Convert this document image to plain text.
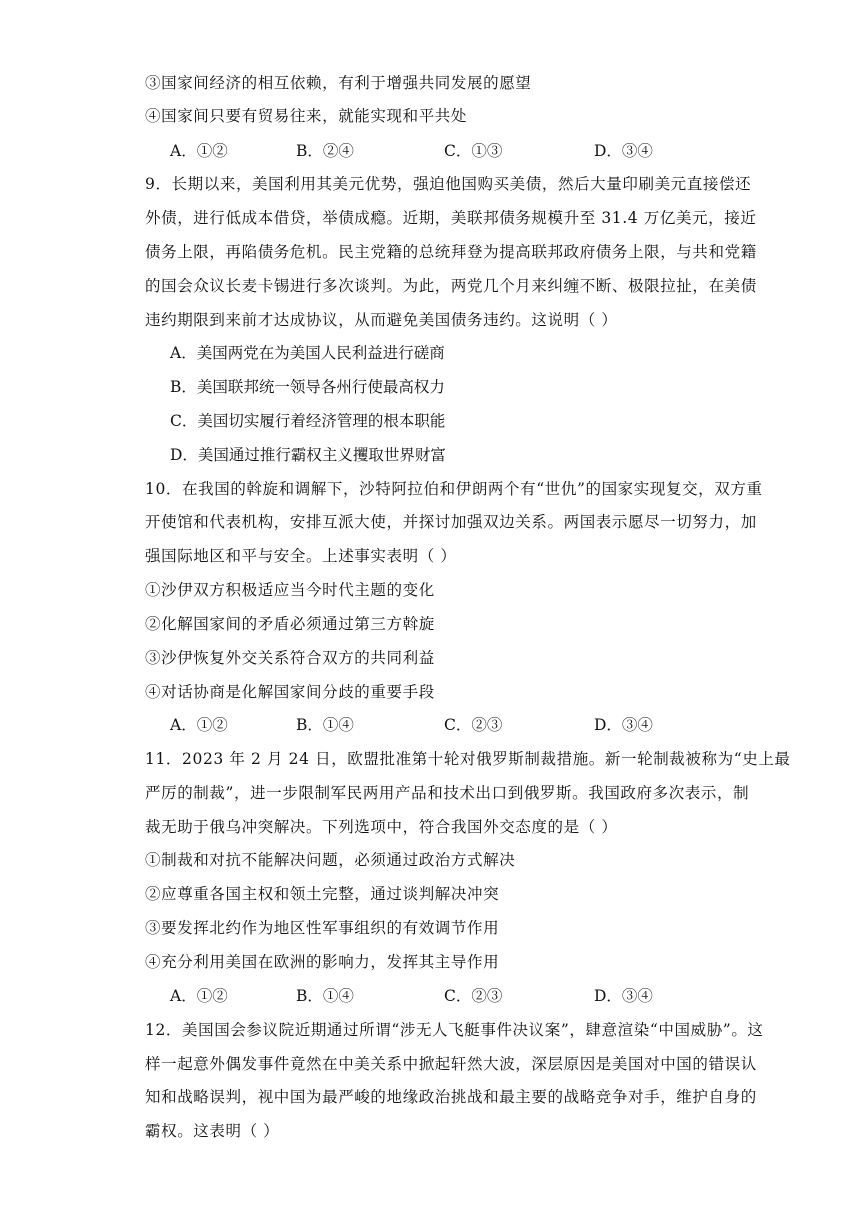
③国家间经济的相互依赖，有利于增强共同发展的愿望
④国家间只要有贸易往来，就能实现和平共处
A．①②	B．②④	C．①③	D．③④
9．长期以来，美国利用其美元优势，强迫他国购买美债，然后大量印刷美元直接偿还
外债，进行低成本借贷，举债成瘾。近期，美联邦债务规模升至 31.4 万亿美元，接近
债务上限，再陷债务危机。民主党籍的总统拜登为提高联邦政府债务上限，与共和党籍
的国会众议长麦卡锡进行多次谈判。为此，两党几个月来纠缠不断、极限拉扯，在美债
违约期限到来前才达成协议，从而避免美国债务违约。这说明（ ）
A．美国两党在为美国人民利益进行磋商
B．美国联邦统一领导各州行使最高权力
C．美国切实履行着经济管理的根本职能
D．美国通过推行霸权主义攫取世界财富
10．在我国的斡旋和调解下，沙特阿拉伯和伊朗两个有“世仇”的国家实现复交，双方重
开使馆和代表机构，安排互派大使，并探讨加强双边关系。两国表示愿尽一切努力，加
强国际地区和平与安全。上述事实表明（ ）
①沙伊双方积极适应当今时代主题的变化
②化解国家间的矛盾必须通过第三方斡旋
③沙伊恢复外交关系符合双方的共同利益
④对话协商是化解国家间分歧的重要手段
A．①②	B．①④	C．②③	D．③④
11．2023 年 2 月 24 日，欧盟批准第十轮对俄罗斯制裁措施。新一轮制裁被称为“史上最
严厉的制裁”，进一步限制军民两用产品和技术出口到俄罗斯。我国政府多次表示，制
裁无助于俄乌冲突解决。下列选项中，符合我国外交态度的是（ ）
①制裁和对抗不能解决问题，必须通过政治方式解决
②应尊重各国主权和领土完整，通过谈判解决冲突
③要发挥北约作为地区性军事组织的有效调节作用
④充分利用美国在欧洲的影响力，发挥其主导作用
A．①②	B．①④	C．②③	D．③④
12．美国国会参议院近期通过所谓“涉无人飞艇事件决议案”，肆意渲染“中国威胁”。这
样一起意外偶发事件竟然在中美关系中掀起轩然大波，深层原因是美国对中国的错误认
知和战略误判，视中国为最严峻的地缘政治挑战和最主要的战略竞争对手，维护自身的
霸权。这表明（ ）
